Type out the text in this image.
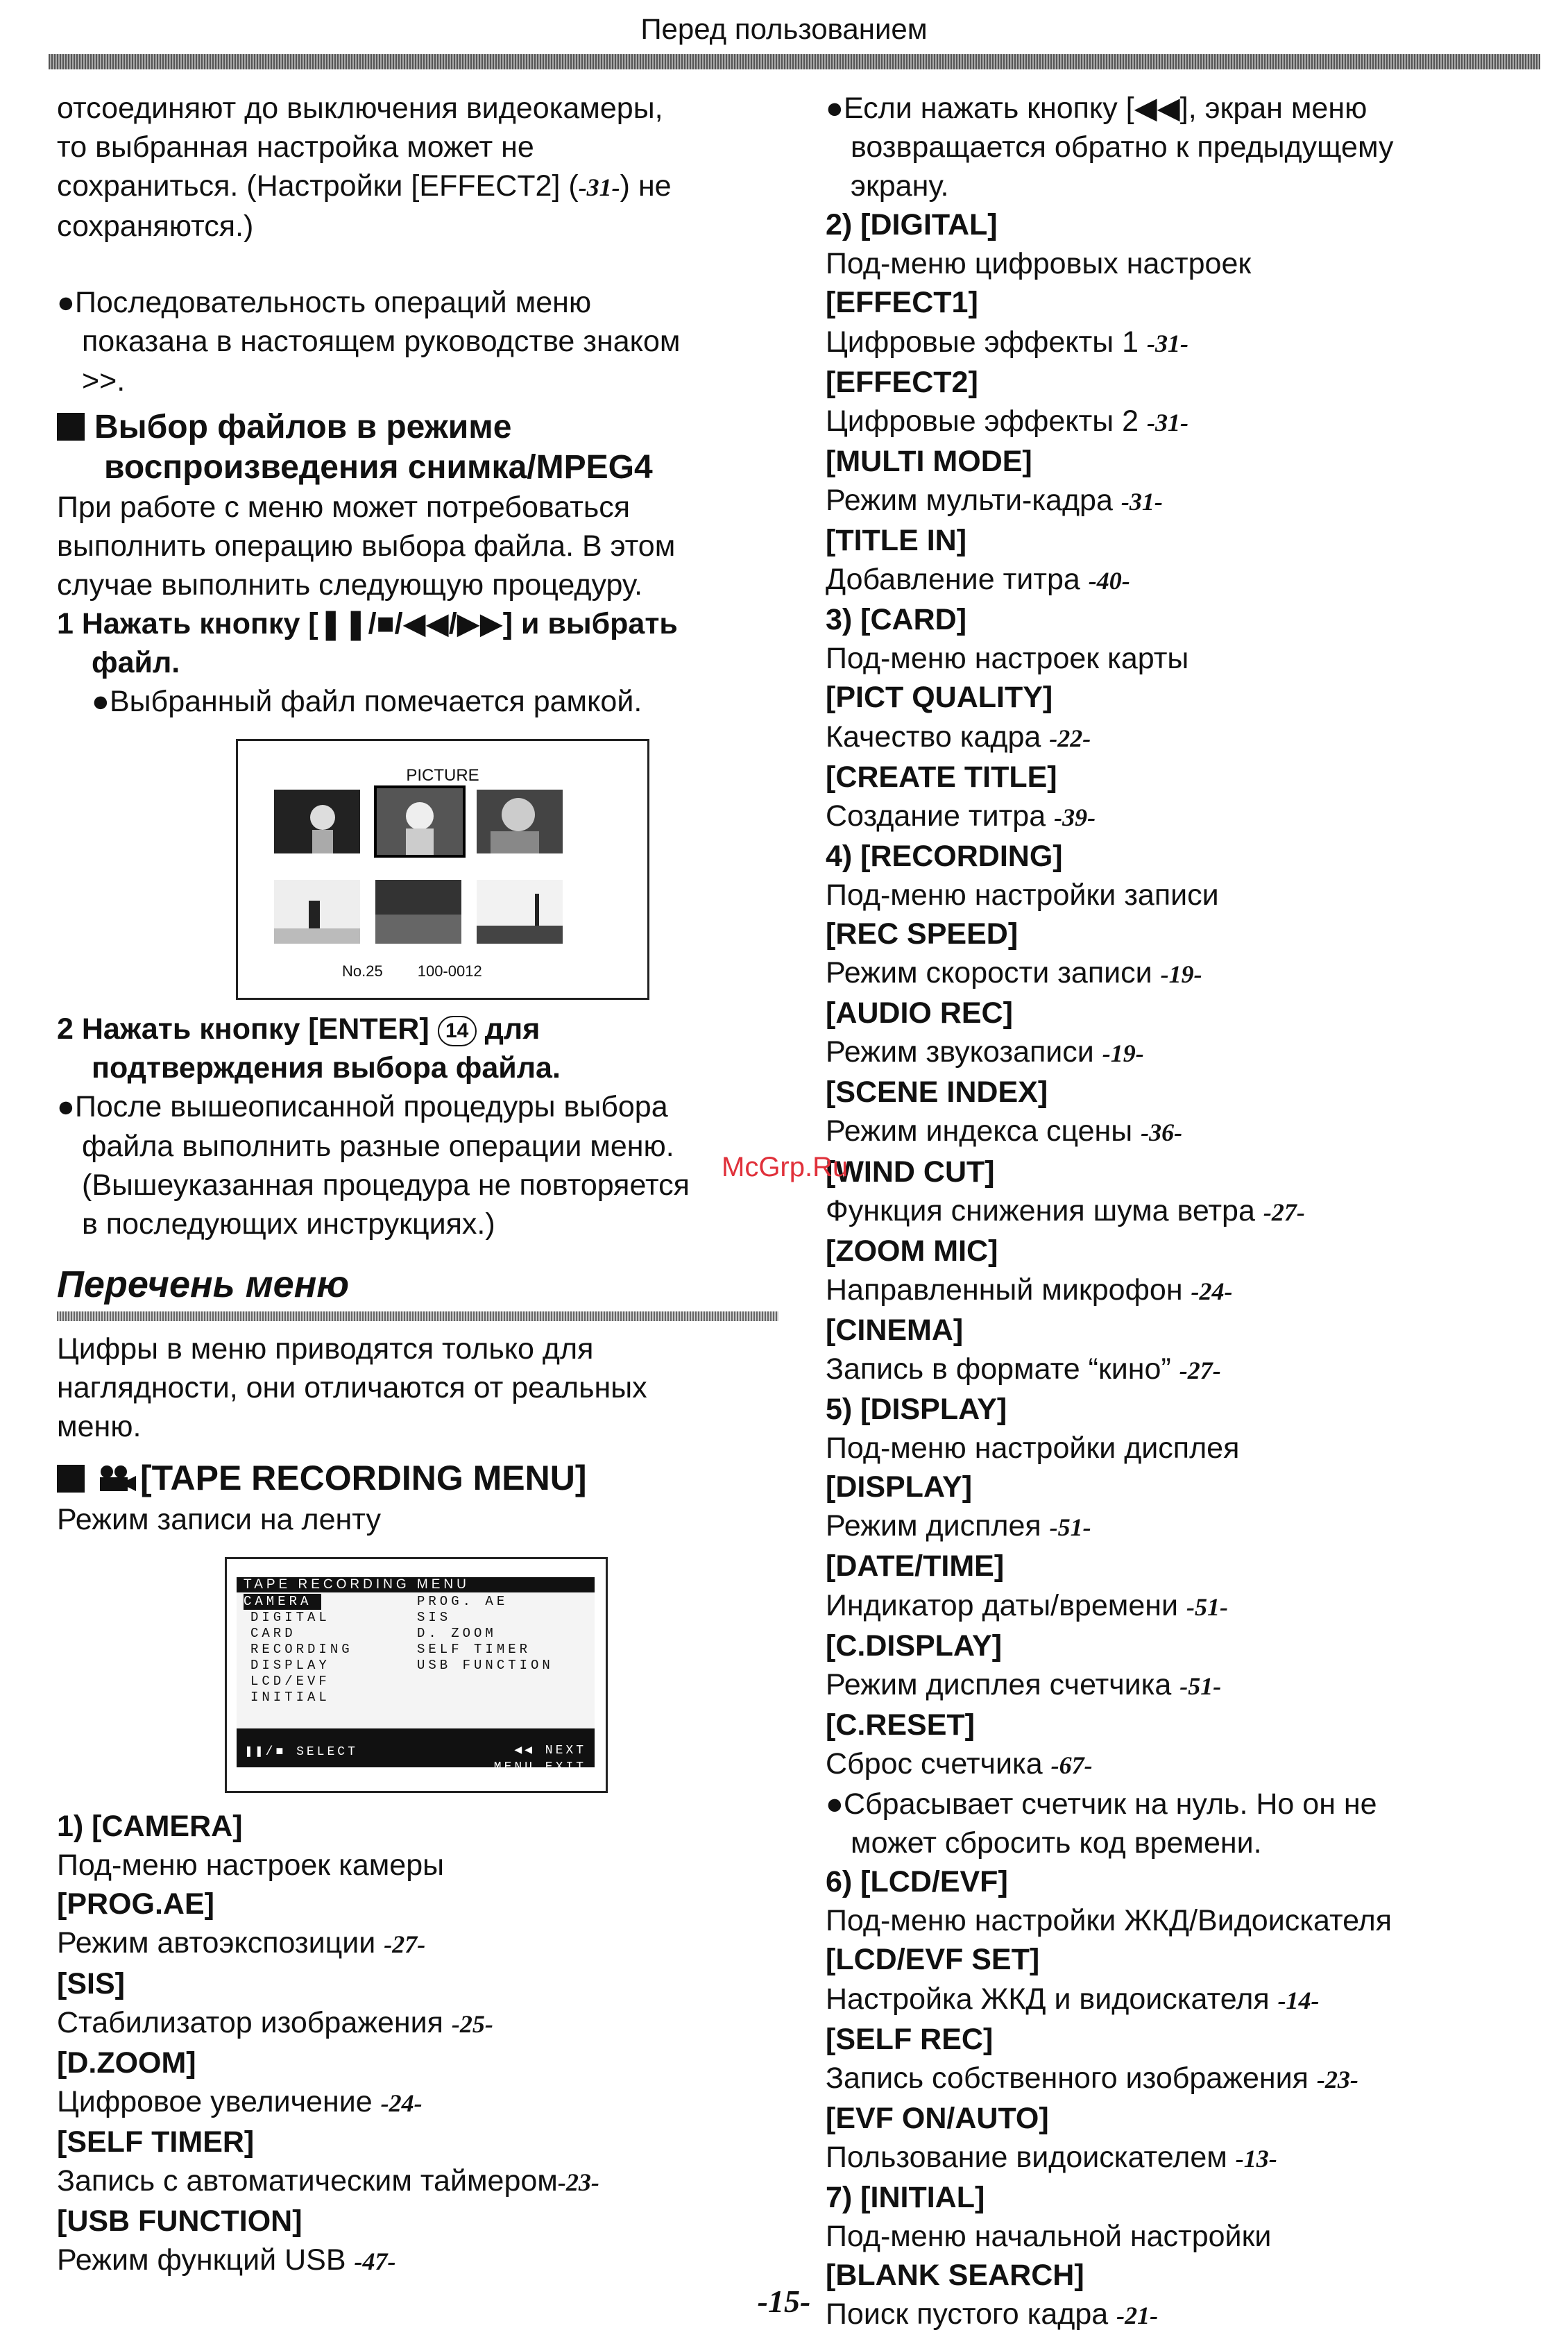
Перед пользованием
отсоединяют до выключения видеокамеры,
то выбранная настройка может не
сохраниться. (Настройки [EFFECT2] (-31-) не
сохраняются.)
●Последовательность операций меню
показана в настоящем руководстве знаком
>>.
Выбор файлов в режиме
воспроизведения снимка/MPEG4
При работе с меню может потребоваться
выполнить операцию выбора файла. В этом
случае выполнить следующую процедуру.
1 Нажать кнопку [❚❚/■/◀◀/▶▶] и выбрать
файл.
●Выбранный файл помечается рамкой.
PICTURE
No.25 100-0012
2 Нажать кнопку [ENTER] 14 для
подтверждения выбора файла.
●После вышеописанной процедуры выбора
файла выполнить разные операции меню.
(Вышеуказанная процедура не повторяется
в последующих инструкциях.)
Перечень меню
Цифры в меню приводятся только для
наглядности, они отличаются от реальных
меню.
[TAPE RECORDING MENU]
Режим записи на ленту
TAPE RECORDING MENU
CAMERA
DIGITAL
CARD
RECORDING
DISPLAY
LCD/EVF
INITIAL
PROG. AE
SIS
D. ZOOM
SELF TIMER
USB FUNCTION
❚❚/■ SELECT	◀◀ NEXT
MENU EXIT
1) [CAMERA]
Под-меню настроек камеры
[PROG.AE]
Режим автоэкспозиции -27-
[SIS]
Стабилизатор изображения -25-
[D.ZOOM]
Цифровое увеличение -24-
[SELF TIMER]
Запись с автоматическим таймером-23-
[USB FUNCTION]
Режим функций USB -47-
●Если нажать кнопку [◀◀], экран меню
возвращается обратно к предыдущему
экрану.
2) [DIGITAL]
Под-меню цифровых настроек
[EFFECT1]
Цифровые эффекты 1 -31-
[EFFECT2]
Цифровые эффекты 2 -31-
[MULTI MODE]
Режим мульти-кадра -31-
[TITLE IN]
Добавление титра -40-
3) [CARD]
Под-меню настроек карты
[PICT QUALITY]
Качество кадра -22-
[CREATE TITLE]
Создание титра -39-
4) [RECORDING]
Под-меню настройки записи
[REC SPEED]
Режим скорости записи -19-
[AUDIO REC]
Режим звукозаписи -19-
[SCENE INDEX]
Режим индекса сцены -36-
[WIND CUT]
Функция снижения шума ветра -27-
[ZOOM MIC]
Направленный микрофон -24-
[CINEMA]
Запись в формате “кино” -27-
5) [DISPLAY]
Под-меню настройки дисплея
[DISPLAY]
Режим дисплея -51-
[DATE/TIME]
Индикатор даты/времени -51-
[C.DISPLAY]
Режим дисплея счетчика -51-
[C.RESET]
Сброс счетчика -67-
●Сбрасывает счетчик на нуль. Но он не
может сбросить код времени.
6) [LCD/EVF]
Под-меню настройки ЖКД/Видоискателя
[LCD/EVF SET]
Настройка ЖКД и видоискателя -14-
[SELF REC]
Запись собственного изображения -23-
[EVF ON/AUTO]
Пользование видоискателем -13-
7) [INITIAL]
Под-меню начальной настройки
[BLANK SEARCH]
Поиск пустого кадра -21-
McGrp.Ru
-15-
